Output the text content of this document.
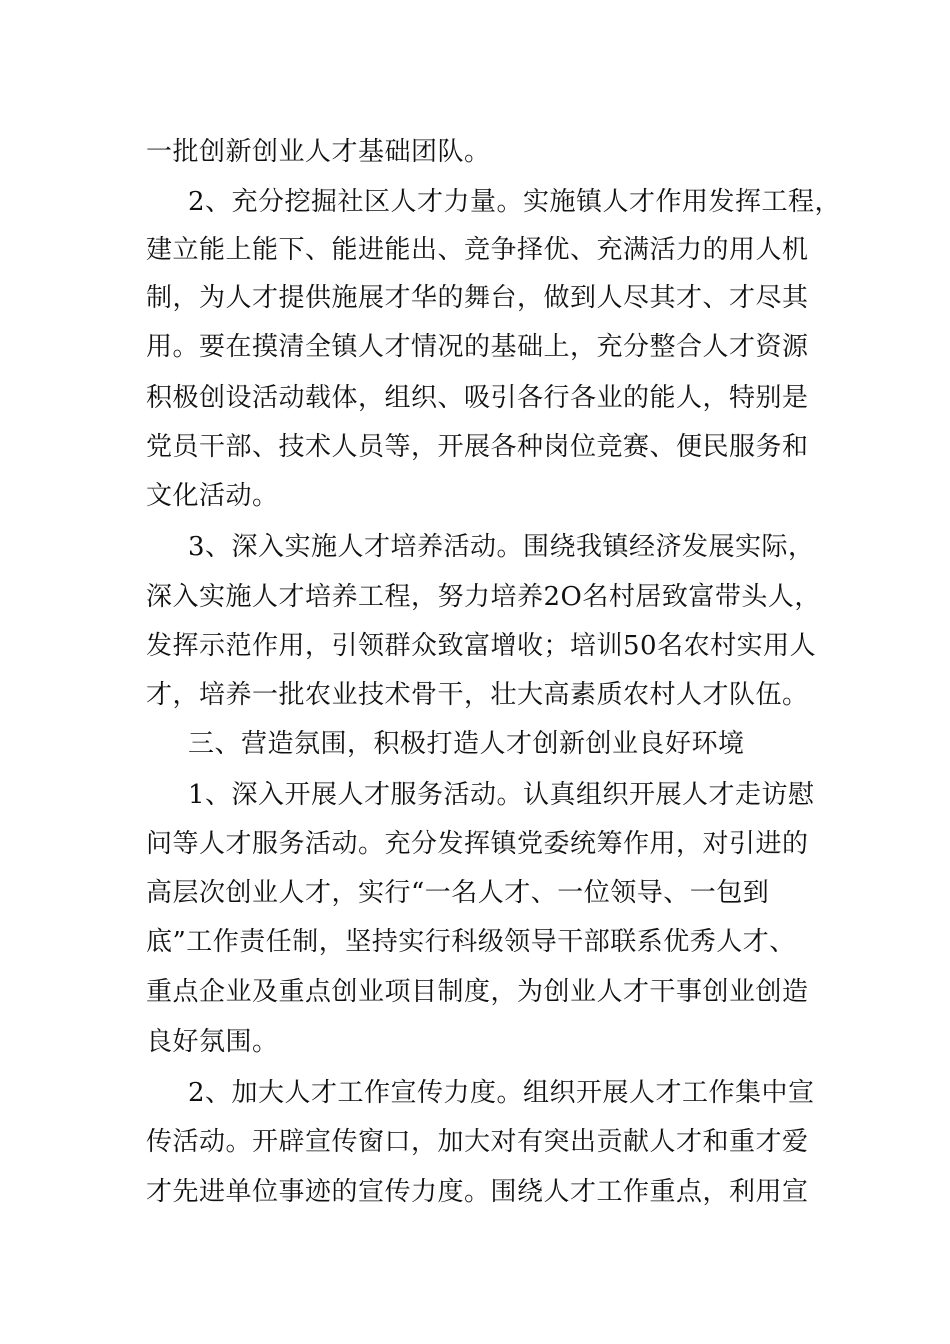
一批创新创业人才基础团队。
2、充分挖掘社区人才力量。实施镇人才作用发挥工程，
建立能上能下、能进能出、竞争择优、充满活力的用人机
制，为人才提供施展才华的舞台，做到人尽其才、才尽其
用。要在摸清全镇人才情况的基础上，充分整合人才资源
积极创设活动载体，组织、吸引各行各业的能人，特别是
党员干部、技术人员等，开展各种岗位竞赛、便民服务和
文化活动。
3、深入实施人才培养活动。围绕我镇经济发展实际，
深入实施人才培养工程，努力培养2O名村居致富带头人，
发挥示范作用，引领群众致富增收；培训50名农村实用人
才，培养一批农业技术骨干，壮大高素质农村人才队伍。
三、营造氛围，积极打造人才创新创业良好环境
1、深入开展人才服务活动。认真组织开展人才走访慰
问等人才服务活动。充分发挥镇党委统筹作用，对引进的
高层次创业人才，实行“一名人才、一位领导、一包到
底”工作责任制，坚持实行科级领导干部联系优秀人才、
重点企业及重点创业项目制度，为创业人才干事创业创造
良好氛围。
2、加大人才工作宣传力度。组织开展人才工作集中宣
传活动。开辟宣传窗口，加大对有突出贡献人才和重才爱
才先进单位事迹的宣传力度。围绕人才工作重点，利用宣
